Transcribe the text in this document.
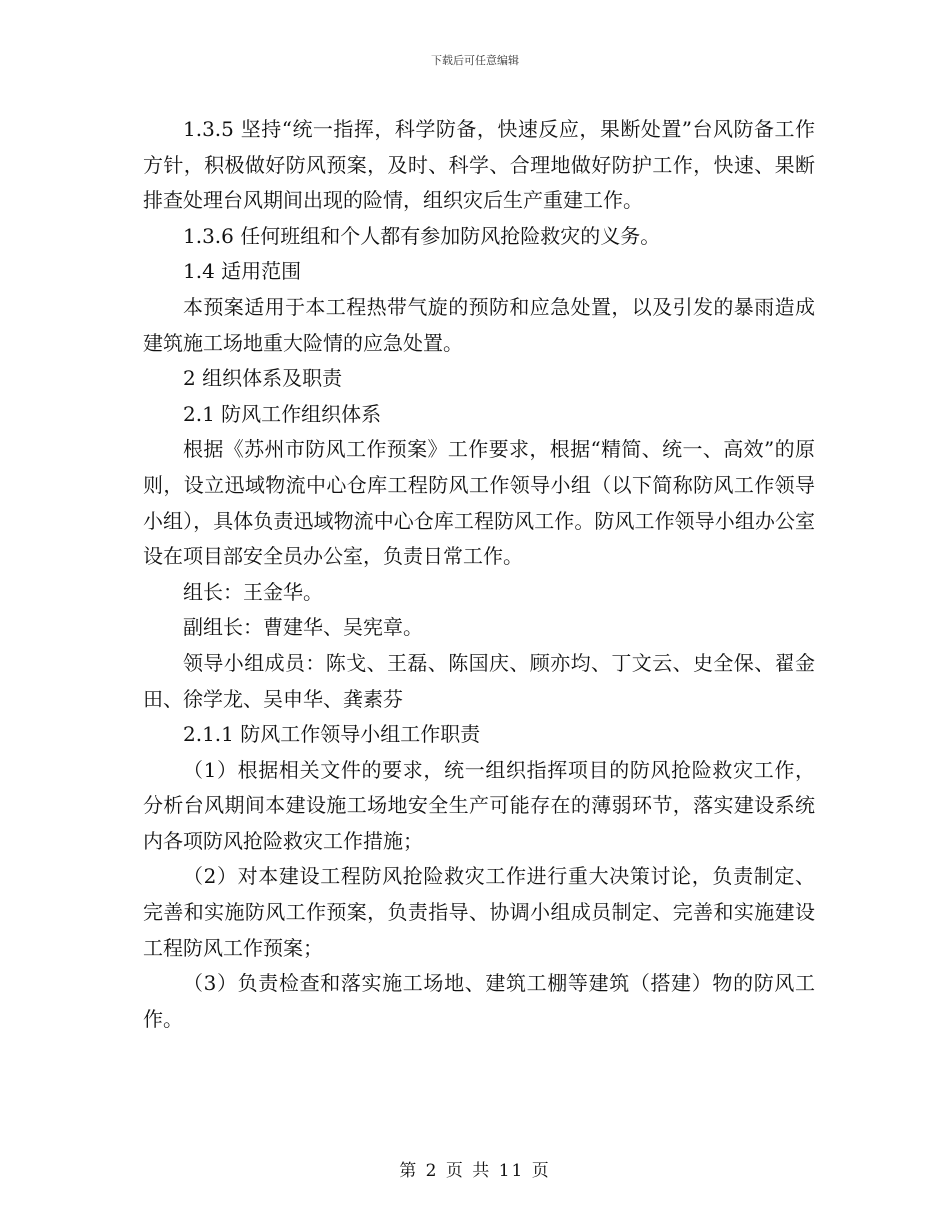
下载后可任意编辑

1.3.5 坚持“统一指挥，科学防备，快速反应，果断处置”台风防备工作方针，积极做好防风预案，及时、科学、合理地做好防护工作，快速、果断排查处理台风期间出现的险情，组织灾后生产重建工作。

1.3.6 任何班组和个人都有参加防风抢险救灾的义务。

1.4 适用范围

本预案适用于本工程热带气旋的预防和应急处置，以及引发的暴雨造成建筑施工场地重大险情的应急处置。

2 组织体系及职责

2.1 防风工作组织体系

根据《苏州市防风工作预案》工作要求，根据“精简、统一、高效”的原则，设立迅域物流中心仓库工程防风工作领导小组（以下简称防风工作领导小组），具体负责迅域物流中心仓库工程防风工作。防风工作领导小组办公室设在项目部安全员办公室，负责日常工作。

组长：王金华。

副组长：曹建华、吴宪章。

领导小组成员：陈戈、王磊、陈国庆、顾亦均、丁文云、史全保、翟金田、徐学龙、吴申华、龚素芬

2.1.1 防风工作领导小组工作职责

（1）根据相关文件的要求，统一组织指挥项目的防风抢险救灾工作，分析台风期间本建设施工场地安全生产可能存在的薄弱环节，落实建设系统内各项防风抢险救灾工作措施；

（2）对本建设工程防风抢险救灾工作进行重大决策讨论，负责制定、完善和实施防风工作预案，负责指导、协调小组成员制定、完善和实施建设工程防风工作预案；

（3）负责检查和落实施工场地、建筑工棚等建筑（搭建）物的防风工作。

第 2 页 共 11 页
